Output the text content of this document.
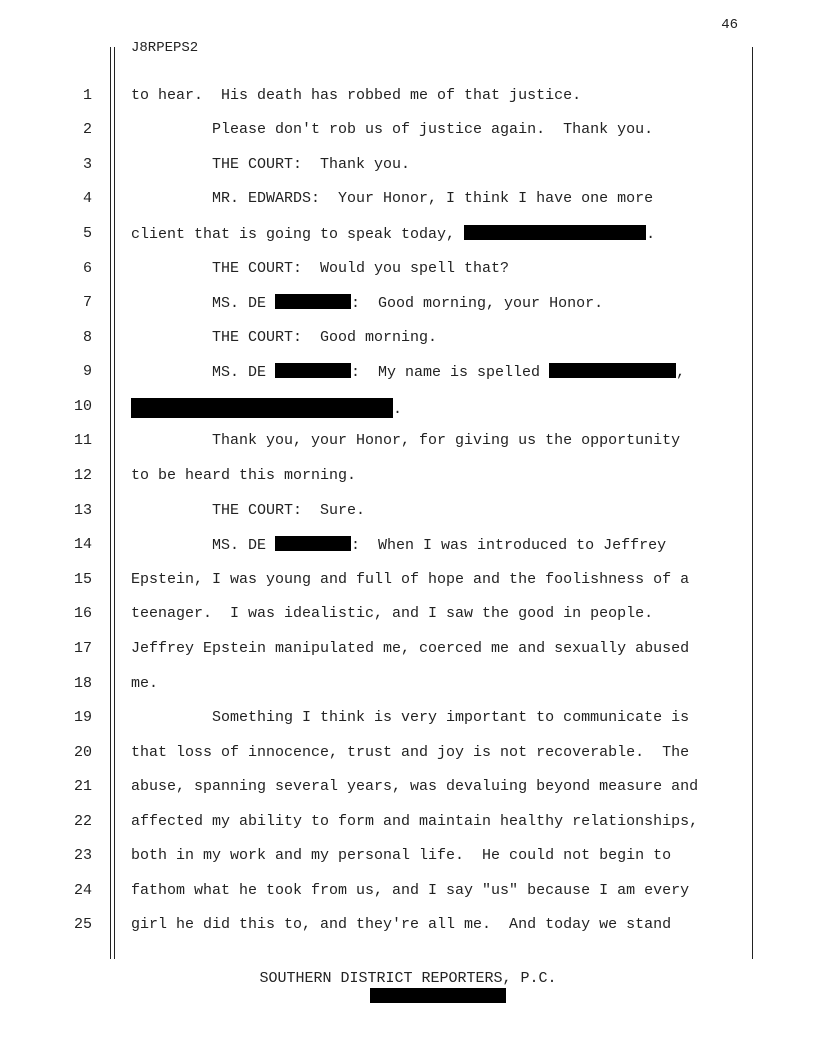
46
J8RPEPS2
1	to hear.  His death has robbed me of that justice.
2	Please don't rob us of justice again.  Thank you.
3	THE COURT:  Thank you.
4	MR. EDWARDS:  Your Honor, I think I have one more
5	client that is going to speak today,	.
6	THE COURT:  Would you spell that?
7	MS. DE	:  Good morning, your Honor.
8	THE COURT:  Good morning.
9	MS. DE	:  My name is spelled	,
10	.
11	Thank you, your Honor, for giving us the opportunity
12	to be heard this morning.
13	THE COURT:  Sure.
14	MS. DE	:  When I was introduced to Jeffrey
15	Epstein, I was young and full of hope and the foolishness of a
16	teenager.  I was idealistic, and I saw the good in people.
17	Jeffrey Epstein manipulated me, coerced me and sexually abused
18	me.
19	Something I think is very important to communicate is
20	that loss of innocence, trust and joy is not recoverable.  The
21	abuse, spanning several years, was devaluing beyond measure and
22	affected my ability to form and maintain healthy relationships,
23	both in my work and my personal life.  He could not begin to
24	fathom what he took from us, and I say "us" because I am every
25	girl he did this to, and they're all me.  And today we stand
SOUTHERN DISTRICT REPORTERS, P.C.
